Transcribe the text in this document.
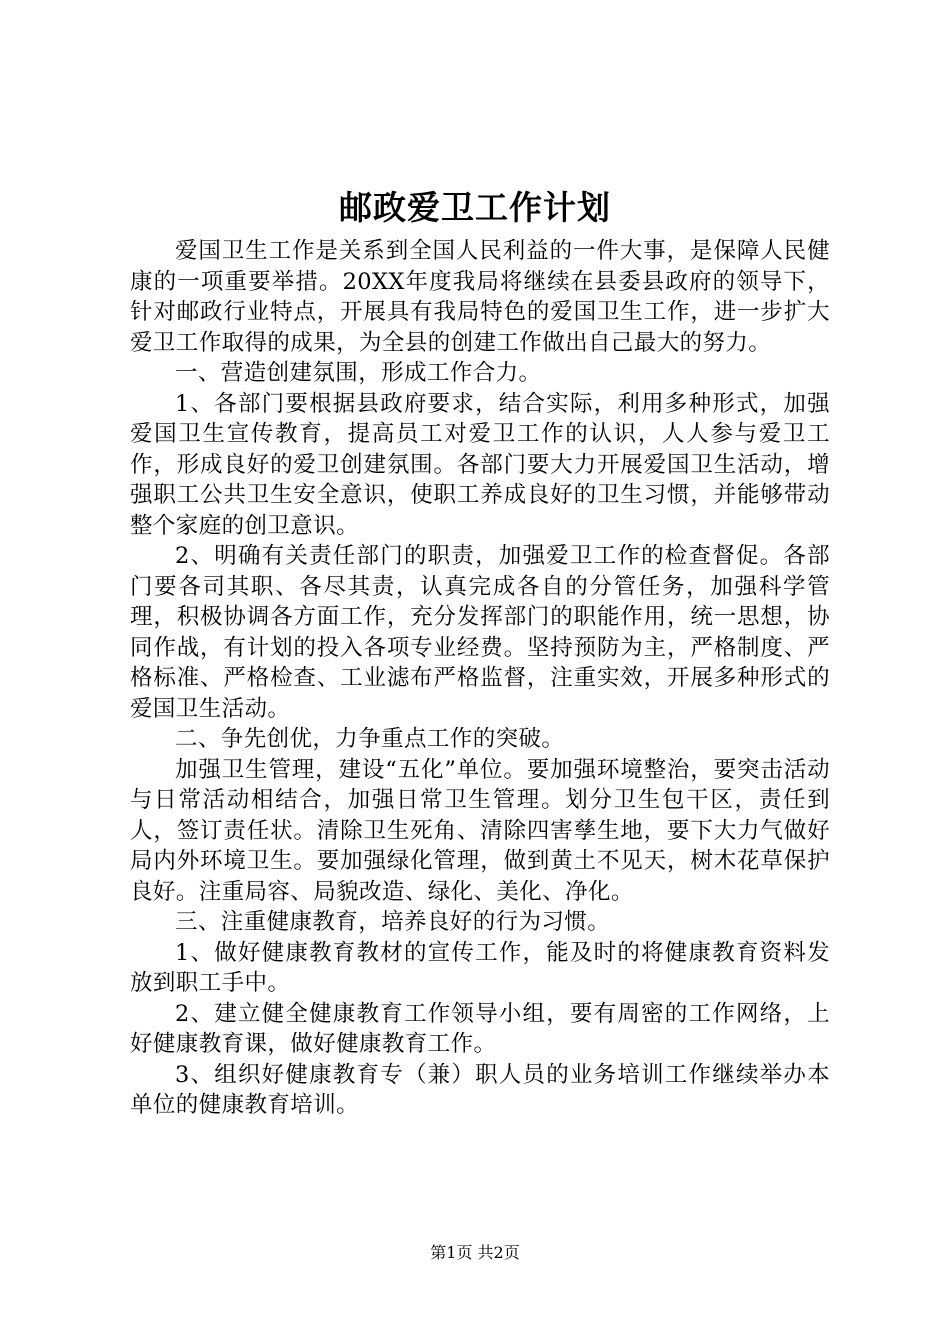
邮政爱卫工作计划

爱国卫生工作是关系到全国人民利益的一件大事，是保障人民健康的一项重要举措。20XX年度我局将继续在县委县政府的领导下，针对邮政行业特点，开展具有我局特色的爱国卫生工作，进一步扩大爱卫工作取得的成果，为全县的创建工作做出自己最大的努力。

一、营造创建氛围，形成工作合力。

1、各部门要根据县政府要求，结合实际，利用多种形式，加强爱国卫生宣传教育，提高员工对爱卫工作的认识，人人参与爱卫工作，形成良好的爱卫创建氛围。各部门要大力开展爱国卫生活动，增强职工公共卫生安全意识，使职工养成良好的卫生习惯，并能够带动整个家庭的创卫意识。

2、明确有关责任部门的职责，加强爱卫工作的检查督促。各部门要各司其职、各尽其责，认真完成各自的分管任务，加强科学管理，积极协调各方面工作，充分发挥部门的职能作用，统一思想，协同作战，有计划的投入各项专业经费。坚持预防为主，严格制度、严格标准、严格检查、工业滤布严格监督，注重实效，开展多种形式的爱国卫生活动。

二、争先创优，力争重点工作的突破。

加强卫生管理，建设“五化”单位。要加强环境整治，要突击活动与日常活动相结合，加强日常卫生管理。划分卫生包干区，责任到人，签订责任状。清除卫生死角、清除四害孳生地，要下大力气做好局内外环境卫生。要加强绿化管理，做到黄土不见天，树木花草保护良好。注重局容、局貌改造、绿化、美化、净化。

三、注重健康教育，培养良好的行为习惯。

1、做好健康教育教材的宣传工作，能及时的将健康教育资料发放到职工手中。

2、建立健全健康教育工作领导小组，要有周密的工作网络，上好健康教育课，做好健康教育工作。

3、组织好健康教育专（兼）职人员的业务培训工作继续举办本单位的健康教育培训。

第1页 共2页
